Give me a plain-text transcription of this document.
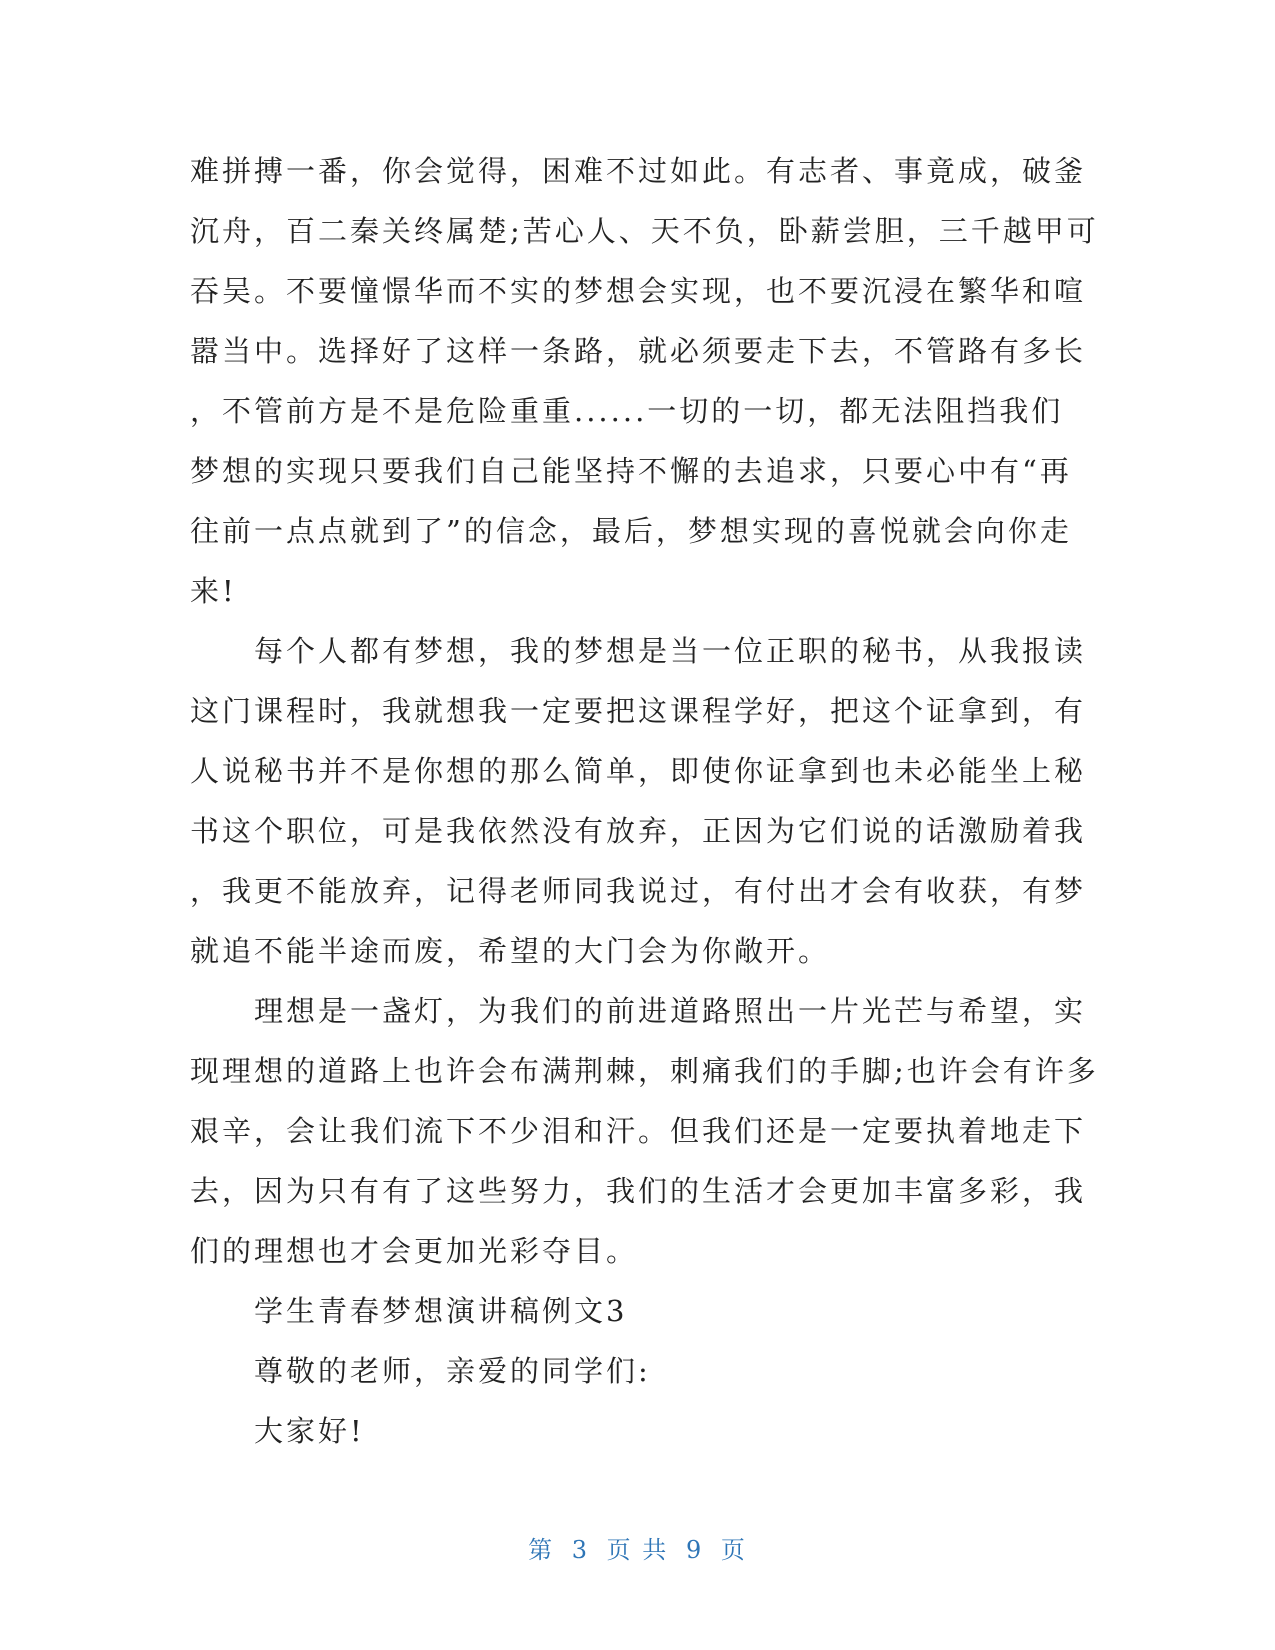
难拼搏一番，你会觉得，困难不过如此。有志者、事竟成，破釜
沉舟，百二秦关终属楚;苦心人、天不负，卧薪尝胆，三千越甲可
吞吴。不要憧憬华而不实的梦想会实现，也不要沉浸在繁华和喧
嚣当中。选择好了这样一条路，就必须要走下去，不管路有多长
，不管前方是不是危险重重......一切的一切，都无法阻挡我们
梦想的实现只要我们自己能坚持不懈的去追求，只要心中有“再
往前一点点就到了”的信念，最后，梦想实现的喜悦就会向你走
来!
　　每个人都有梦想，我的梦想是当一位正职的秘书，从我报读
这门课程时，我就想我一定要把这课程学好，把这个证拿到，有
人说秘书并不是你想的那么简单，即使你证拿到也未必能坐上秘
书这个职位，可是我依然没有放弃，正因为它们说的话激励着我
，我更不能放弃，记得老师同我说过，有付出才会有收获，有梦
就追不能半途而废，希望的大门会为你敞开。
　　理想是一盏灯，为我们的前进道路照出一片光芒与希望，实
现理想的道路上也许会布满荆棘，刺痛我们的手脚;也许会有许多
艰辛，会让我们流下不少泪和汗。但我们还是一定要执着地走下
去，因为只有有了这些努力，我们的生活才会更加丰富多彩，我
们的理想也才会更加光彩夺目。
　　学生青春梦想演讲稿例文3
　　尊敬的老师，亲爱的同学们:
　　大家好!
第 3 页 共 9 页
